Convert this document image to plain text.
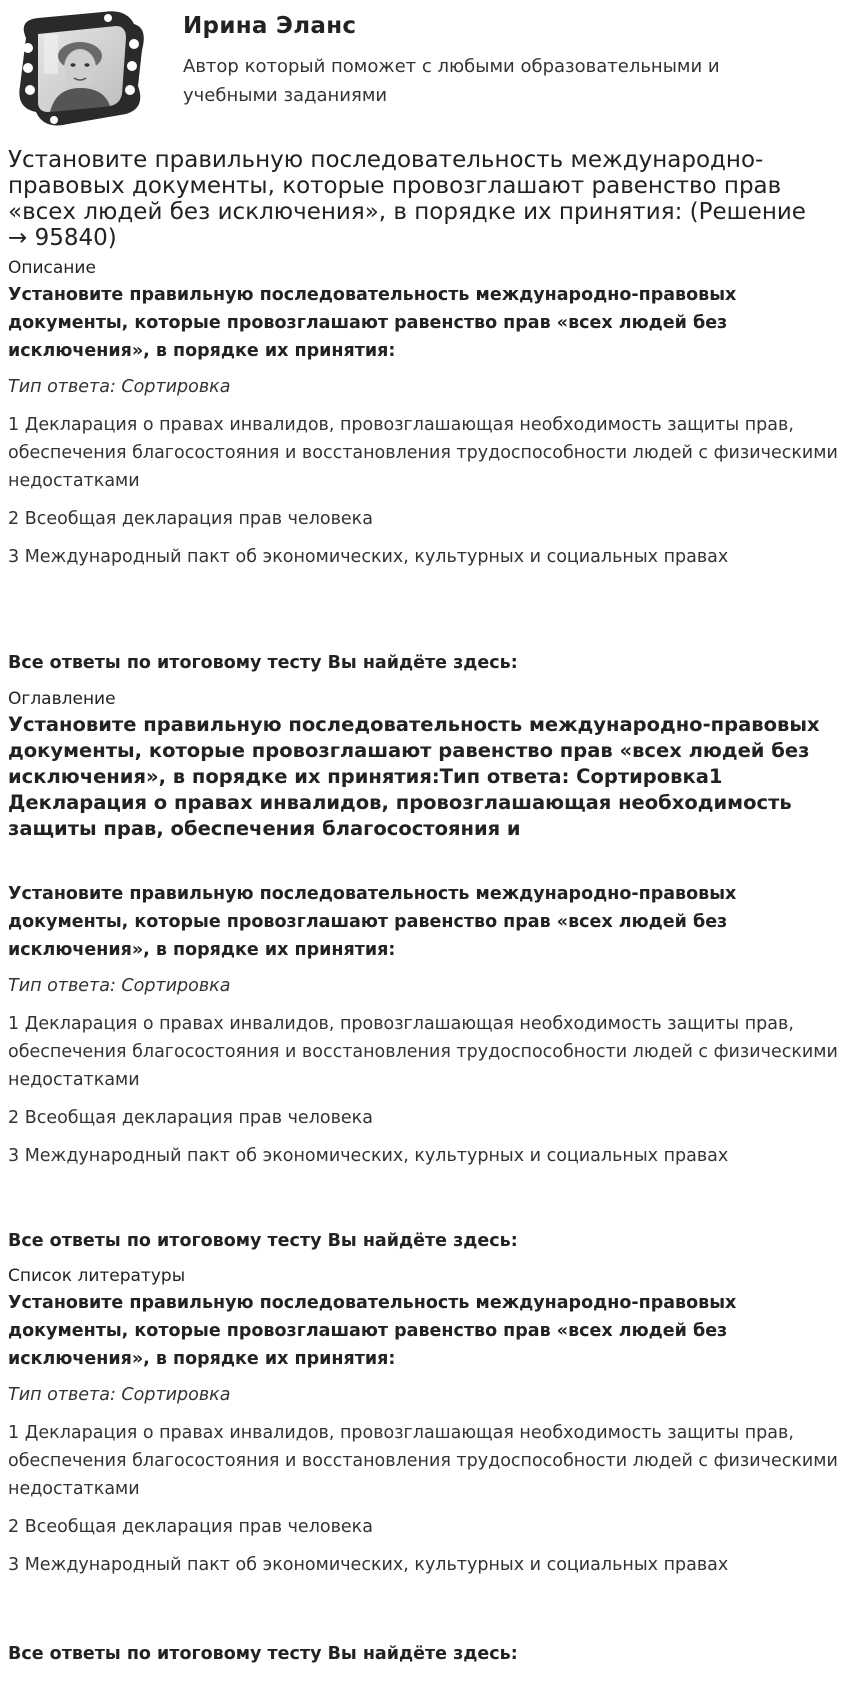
Ирина Эланс
Автор который поможет с любыми образовательными и учебными заданиями
Установите правильную последовательность международно-правовых документы, которые провозглашают равенство прав «всех людей без исключения», в порядке их принятия: (Решение → 95840)
Описание
Установите правильную последовательность международно-правовых документы, которые провозглашают равенство прав «всех людей без исключения», в порядке их принятия:
Тип ответа: Сортировка
1 Декларация о правах инвалидов, провозглашающая необходимость защиты прав, обеспечения благосостояния и восстановления трудоспособности людей с физическими недостатками
2 Всеобщая декларация прав человека
3 Международный пакт об экономических, культурных и социальных правах
Все ответы по итоговому тесту Вы найдёте здесь:
Оглавление
Установите правильную последовательность международно-правовых документы, которые провозглашают равенство прав «всех людей без исключения», в порядке их принятия:Тип ответа: Сортировка1 Декларация о правах инвалидов, провозглашающая необходимость защиты прав, обеспечения благосостояния и
Установите правильную последовательность международно-правовых документы, которые провозглашают равенство прав «всех людей без исключения», в порядке их принятия:
Тип ответа: Сортировка
1 Декларация о правах инвалидов, провозглашающая необходимость защиты прав, обеспечения благосостояния и восстановления трудоспособности людей с физическими недостатками
2 Всеобщая декларация прав человека
3 Международный пакт об экономических, культурных и социальных правах
Все ответы по итоговому тесту Вы найдёте здесь:
Список литературы
Установите правильную последовательность международно-правовых документы, которые провозглашают равенство прав «всех людей без исключения», в порядке их принятия:
Тип ответа: Сортировка
1 Декларация о правах инвалидов, провозглашающая необходимость защиты прав, обеспечения благосостояния и восстановления трудоспособности людей с физическими недостатками
2 Всеобщая декларация прав человека
3 Международный пакт об экономических, культурных и социальных правах
Все ответы по итоговому тесту Вы найдёте здесь:
